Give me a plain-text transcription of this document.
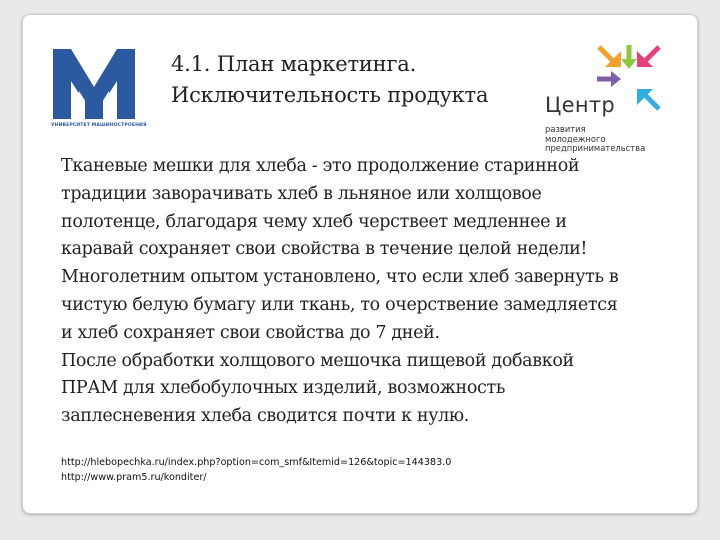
УНИВЕРСИТЕТ МАШИНОСТРОЕНИЯ
4.1. План маркетинга.
Исключительность продукта	Центр
развития
молодежного
предпринимательства
Тканевые мешки для хлеба - это продолжение старинной
традиции заворачивать хлеб в льняное или холщовое
полотенце, благодаря чему хлеб черствеет медленнее и
каравай сохраняет свои свойства в течение целой недели!
Многолетним опытом установлено, что если хлеб завернуть в
чистую белую бумагу или ткань, то очерствение замедляется
и хлеб сохраняет свои свойства до 7 дней.
После обработки холщового мешочка пищевой добавкой
ПРАМ для хлебобулочных изделий, возможность
заплесневения хлеба сводится почти к нулю.
http://hlebopechka.ru/index.php?option=com_smf&Itemid=126&topic=144383.0
http://www.pram5.ru/konditer/
